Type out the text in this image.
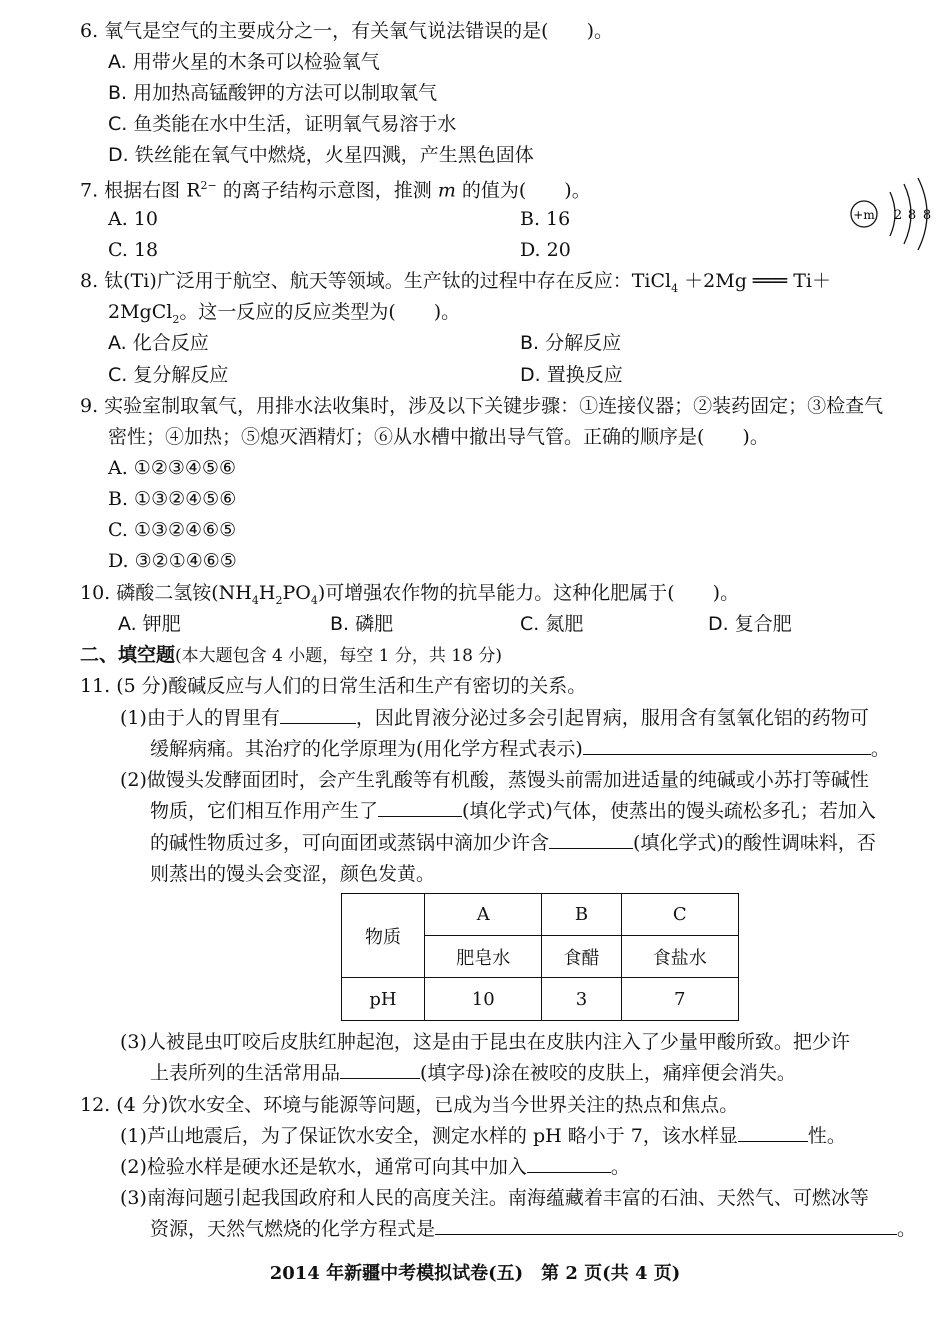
6. 氧气是空气的主要成分之一，有关氧气说法错误的是(　　)。
A. 用带火星的木条可以检验氧气
B. 用加热高锰酸钾的方法可以制取氧气
C. 鱼类能在水中生活，证明氧气易溶于水
D. 铁丝能在氧气中燃烧，火星四溅，产生黑色固体
7. 根据右图 $R^{2-}$ 的离子结构示意图，推测 m 的值为(　　)。
A. 10	B. 16
C. 18	D. 20
+m 2 8 8
8. 钛(Ti)广泛用于航空、航天等领域。生产钛的过程中存在反应：TiCl$_4$ ＋2Mg ═══ Ti＋
2MgCl$_2$。这一反应的反应类型为(　　)。
A. 化合反应	B. 分解反应
C. 复分解反应	D. 置换反应
9. 实验室制取氧气，用排水法收集时，涉及以下关键步骤：①连接仪器；②装药固定；③检查气
密性；④加热；⑤熄灭酒精灯；⑥从水槽中撤出导气管。正确的顺序是(　　)。
A. ①②③④⑤⑥
B. ①③②④⑤⑥
C. ①③②④⑥⑤
D. ③②①④⑥⑤
10. 磷酸二氢铵$(NH_4H_2PO_4)$可增强农作物的抗旱能力。这种化肥属于(　　)。
A. 钾肥	B. 磷肥	C. 氮肥	D. 复合肥
二、填空题(本大题包含 4 小题，每空 1 分，共 18 分)
11. (5 分)酸碱反应与人们的日常生活和生产有密切的关系。
(1)由于人的胃里有	，因此胃液分泌过多会引起胃病，服用含有氢氧化铝的药物可
缓解病痛。其治疗的化学原理为(用化学方程式表示)	。
(2)做馒头发酵面团时，会产生乳酸等有机酸，蒸馒头前需加进适量的纯碱或小苏打等碱性
物质，它们相互作用产生了	(填化学式)气体，使蒸出的馒头疏松多孔；若加入
的碱性物质过多，可向面团或蒸锅中滴加少许含	(填化学式)的酸性调味料，否
则蒸出的馒头会变涩，颜色发黄。
物质	A	B	C
	肥皂水	食醋	食盐水
pH	10	3	7
(3)人被昆虫叮咬后皮肤红肿起泡，这是由于昆虫在皮肤内注入了少量甲酸所致。把少许
上表所列的生活常用品	(填字母)涂在被咬的皮肤上，痛痒便会消失。
12. (4 分)饮水安全、环境与能源等问题，已成为当今世界关注的热点和焦点。
(1)芦山地震后，为了保证饮水安全，测定水样的 pH 略小于 7，该水样显	性。
(2)检验水样是硬水还是软水，通常可向其中加入	。
(3)南海问题引起我国政府和人民的高度关注。南海蕴藏着丰富的石油、天然气、可燃冰等
资源，天然气燃烧的化学方程式是	。
2014 年新疆中考模拟试卷(五)　第 2 页(共 4 页)
